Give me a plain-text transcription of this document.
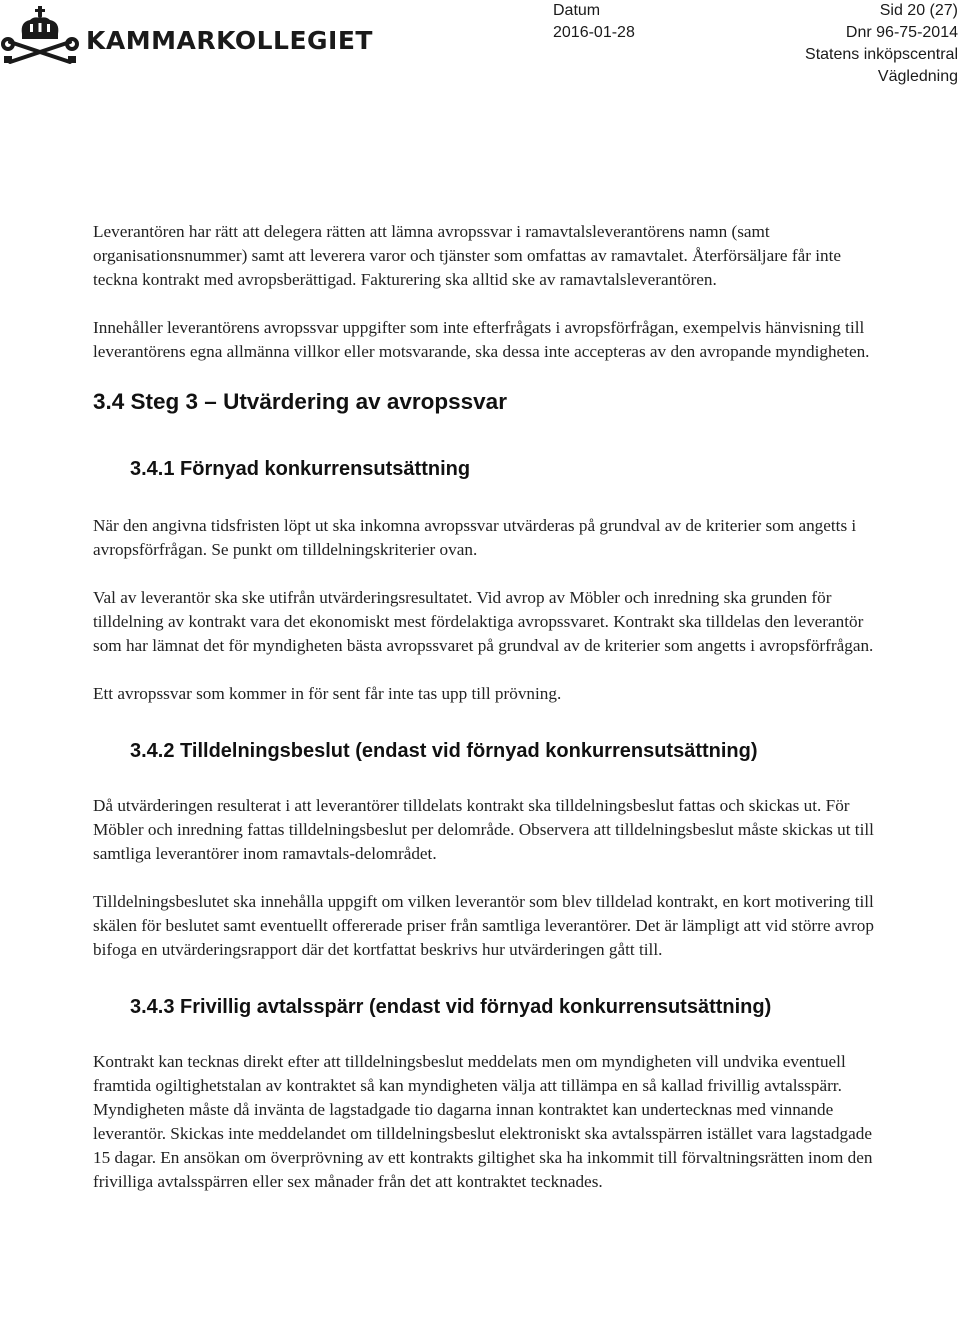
KAMMARKOLLEGIET
Datum
2016-01-28
Sid 20 (27)
Dnr 96-75-2014
Statens inköpscentral
Vägledning

Leverantören har rätt att delegera rätten att lämna avropssvar i ramavtalsleverantörens namn (samt organisationsnummer) samt att leverera varor och tjänster som omfattas av ramavtalet. Återförsäljare får inte teckna kontrakt med avropsberättigad. Fakturering ska alltid ske av ramavtalsleverantören.

Innehåller leverantörens avropssvar uppgifter som inte efterfrågats i avropsförfrågan, exempelvis hänvisning till leverantörens egna allmänna villkor eller motsvarande, ska dessa inte accepteras av den avropande myndigheten.

3.4 Steg 3 – Utvärdering av avropssvar
3.4.1 Förnyad konkurrensutsättning

När den angivna tidsfristen löpt ut ska inkomna avropssvar utvärderas på grundval av de kriterier som angetts i avropsförfrågan. Se punkt om tilldelningskriterier ovan.

Val av leverantör ska ske utifrån utvärderingsresultatet. Vid avrop av Möbler och inredning ska grunden för tilldelning av kontrakt vara det ekonomiskt mest fördelaktiga avropssvaret. Kontrakt ska tilldelas den leverantör som har lämnat det för myndigheten bästa avropssvaret på grundval av de kriterier som angetts i avropsförfrågan.

Ett avropssvar som kommer in för sent får inte tas upp till prövning.

3.4.2 Tilldelningsbeslut (endast vid förnyad konkurrensutsättning)

Då utvärderingen resulterat i att leverantörer tilldelats kontrakt ska tilldelningsbeslut fattas och skickas ut. För Möbler och inredning fattas tilldelningsbeslut per delområde. Observera att tilldelningsbeslut måste skickas ut till samtliga leverantörer inom ramavtals-delområdet.

Tilldelningsbeslutet ska innehålla uppgift om vilken leverantör som blev tilldelad kontrakt, en kort motivering till skälen för beslutet samt eventuellt offererade priser från samtliga leverantörer. Det är lämpligt att vid större avrop bifoga en utvärderingsrapport där det kortfattat beskrivs hur utvärderingen gått till.

3.4.3 Frivillig avtalsspärr (endast vid förnyad konkurrensutsättning)

Kontrakt kan tecknas direkt efter att tilldelningsbeslut meddelats men om myndigheten vill undvika eventuell framtida ogiltighetstalan av kontraktet så kan myndigheten välja att tillämpa en så kallad frivillig avtalsspärr. Myndigheten måste då invänta de lagstadgade tio dagarna innan kontraktet kan undertecknas med vinnande leverantör. Skickas inte meddelandet om tilldelningsbeslut elektroniskt ska avtalsspärren istället vara lagstadgade 15 dagar. En ansökan om överprövning av ett kontrakts giltighet ska ha inkommit till förvaltningsrätten inom den frivilliga avtalsspärren eller sex månader från det att kontraktet tecknades.
